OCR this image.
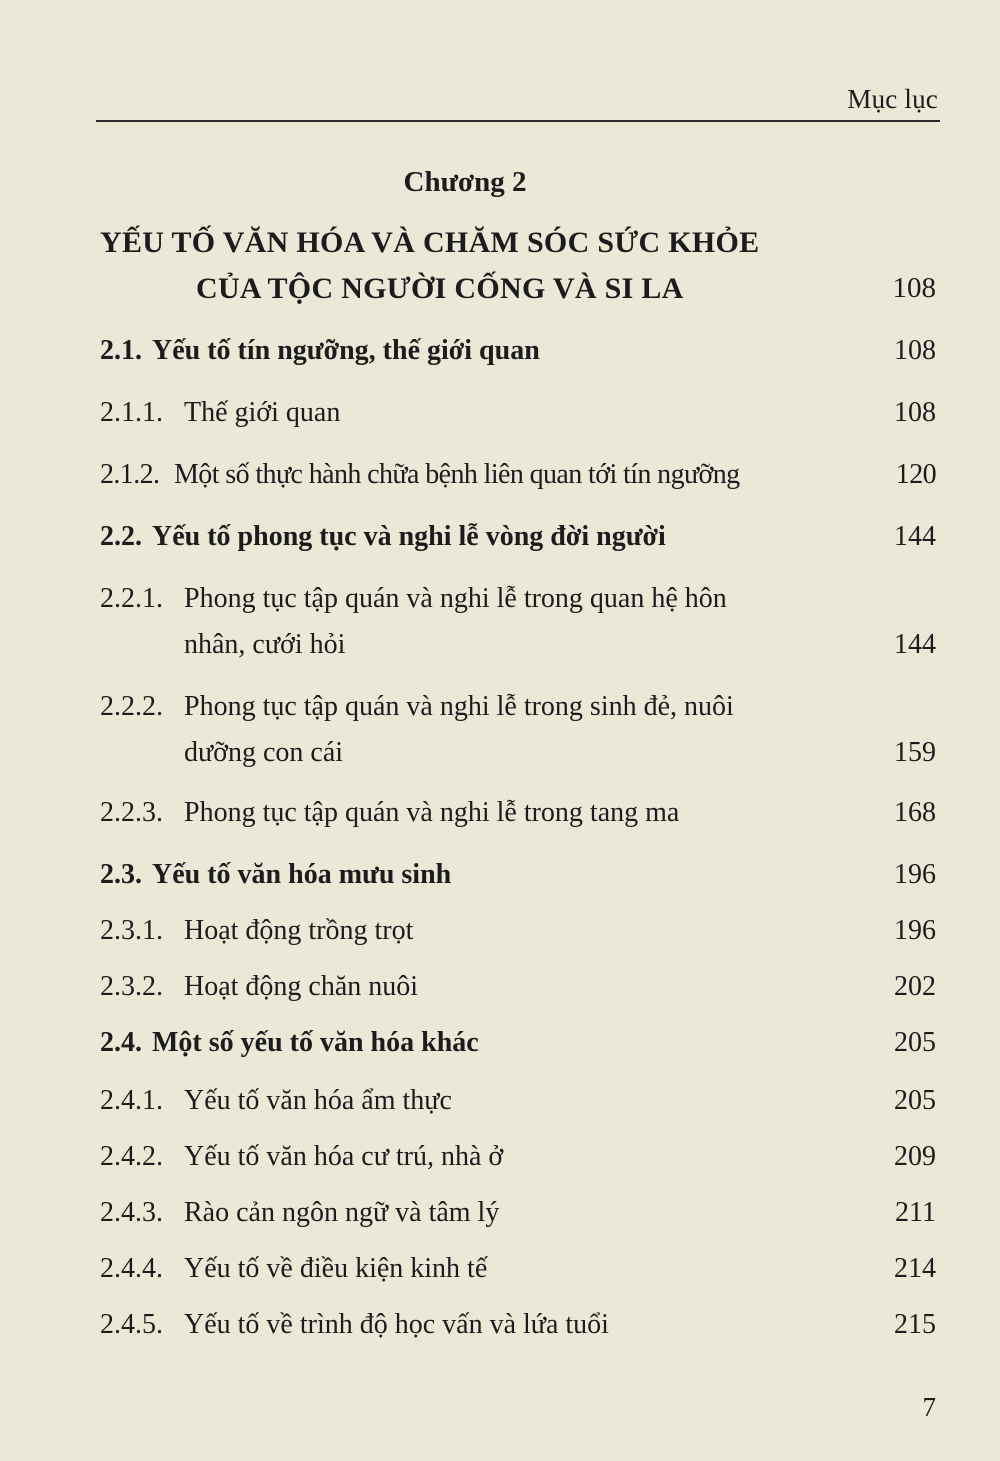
Mục lục
Chương 2
YẾU TỐ VĂN HÓA VÀ CHĂM SÓC SỨC KHỎE
CỦA TỘC NGƯỜI CỐNG VÀ SI LA	108
2.1. Yếu tố tín ngưỡng, thế giới quan	108
2.1.1. Thế giới quan	108
2.1.2. Một số thực hành chữa bệnh liên quan tới tín ngưỡng	120
2.2. Yếu tố phong tục và nghi lễ vòng đời người	144
2.2.1. Phong tục tập quán và nghi lễ trong quan hệ hôn
nhân, cưới hỏi	144
2.2.2. Phong tục tập quán và nghi lễ trong sinh đẻ, nuôi
dưỡng con cái	159
2.2.3. Phong tục tập quán và nghi lễ trong tang ma	168
2.3. Yếu tố văn hóa mưu sinh	196
2.3.1. Hoạt động trồng trọt	196
2.3.2. Hoạt động chăn nuôi	202
2.4. Một số yếu tố văn hóa khác	205
2.4.1. Yếu tố văn hóa ẩm thực	205
2.4.2. Yếu tố văn hóa cư trú, nhà ở	209
2.4.3. Rào cản ngôn ngữ và tâm lý	211
2.4.4. Yếu tố về điều kiện kinh tế	214
2.4.5. Yếu tố về trình độ học vấn và lứa tuổi	215
7
